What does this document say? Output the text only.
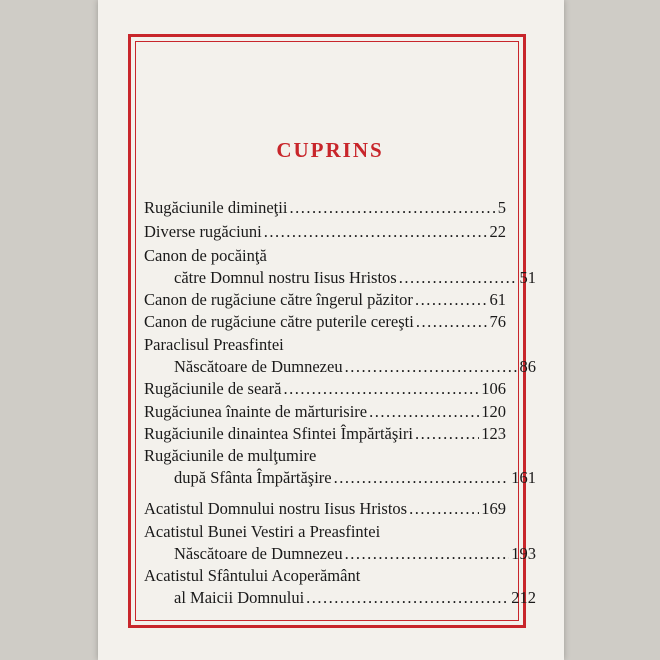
CUPRINS
Rugăciunile dimineţii .....	5
Diverse rugăciuni .....	22
Canon de pocăinţă
către Domnul nostru Iisus Hristos .....	51
Canon de rugăciune către îngerul păzitor .....	61
Canon de rugăciune către puterile cereşti .....	76
Paraclisul Preasfintei
Născătoare de Dumnezeu .....	86
Rugăciunile de seară .....	106
Rugăciunea înainte de mărturisire .....	120
Rugăciunile dinaintea Sfintei Împărtăşiri .....	123
Rugăciunile de mulţumire
după Sfânta Împărtăşire .....	161
Acatistul Domnului nostru Iisus Hristos .....	169
Acatistul Bunei Vestiri a Preasfintei
Născătoare de Dumnezeu .....	193
Acatistul Sfântului Acoperământ
al Maicii Domnului .....	212
